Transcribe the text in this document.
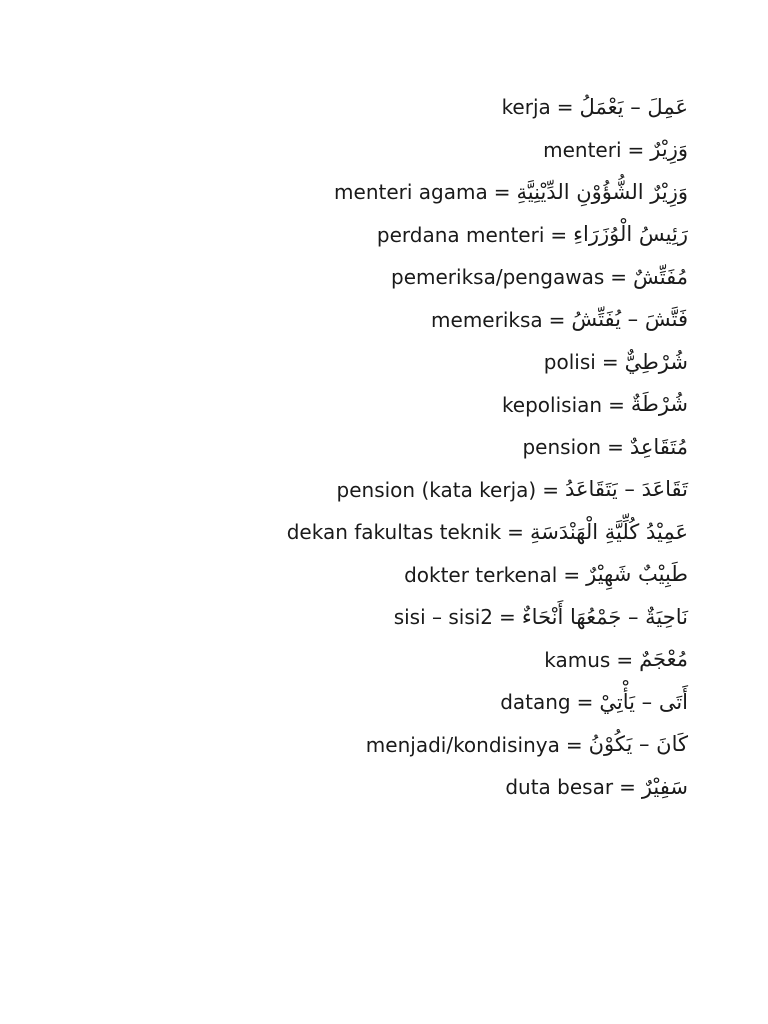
kerja = عَمِلَ – يَعْمَلُ
menteri = وَزِيْرٌ
menteri agama = وَزِيْرٌ الشُّؤُوْنِ الدِّيْنِيَّةِ
perdana menteri = رَئِيسُ الْوُزَرَاءِ
pemeriksa/pengawas = مُفَتِّشٌ
memeriksa = فَتَّشَ – يُفَتِّشُ
polisi = شُرْطِيٌّ
kepolisian = شُرْطَةٌ
pension = مُتَقَاعِدٌ
pension (kata kerja) = تَقَاعَدَ – يَتَقَاعَدُ
dekan fakultas teknik = عَمِيْدُ كُلِّيَّةِ الْهَنْدَسَةِ
dokter terkenal = طَبِيْبٌ شَهِيْرٌ
sisi – sisi2 = نَاحِيَةٌ – جَمْعُهَا أَنْحَاءٌ
kamus = مُعْجَمٌ
datang = أَتَى – يَأْتِيْ
menjadi/kondisinya = كَانَ – يَكُوْنُ
duta besar = سَفِيْرٌ
